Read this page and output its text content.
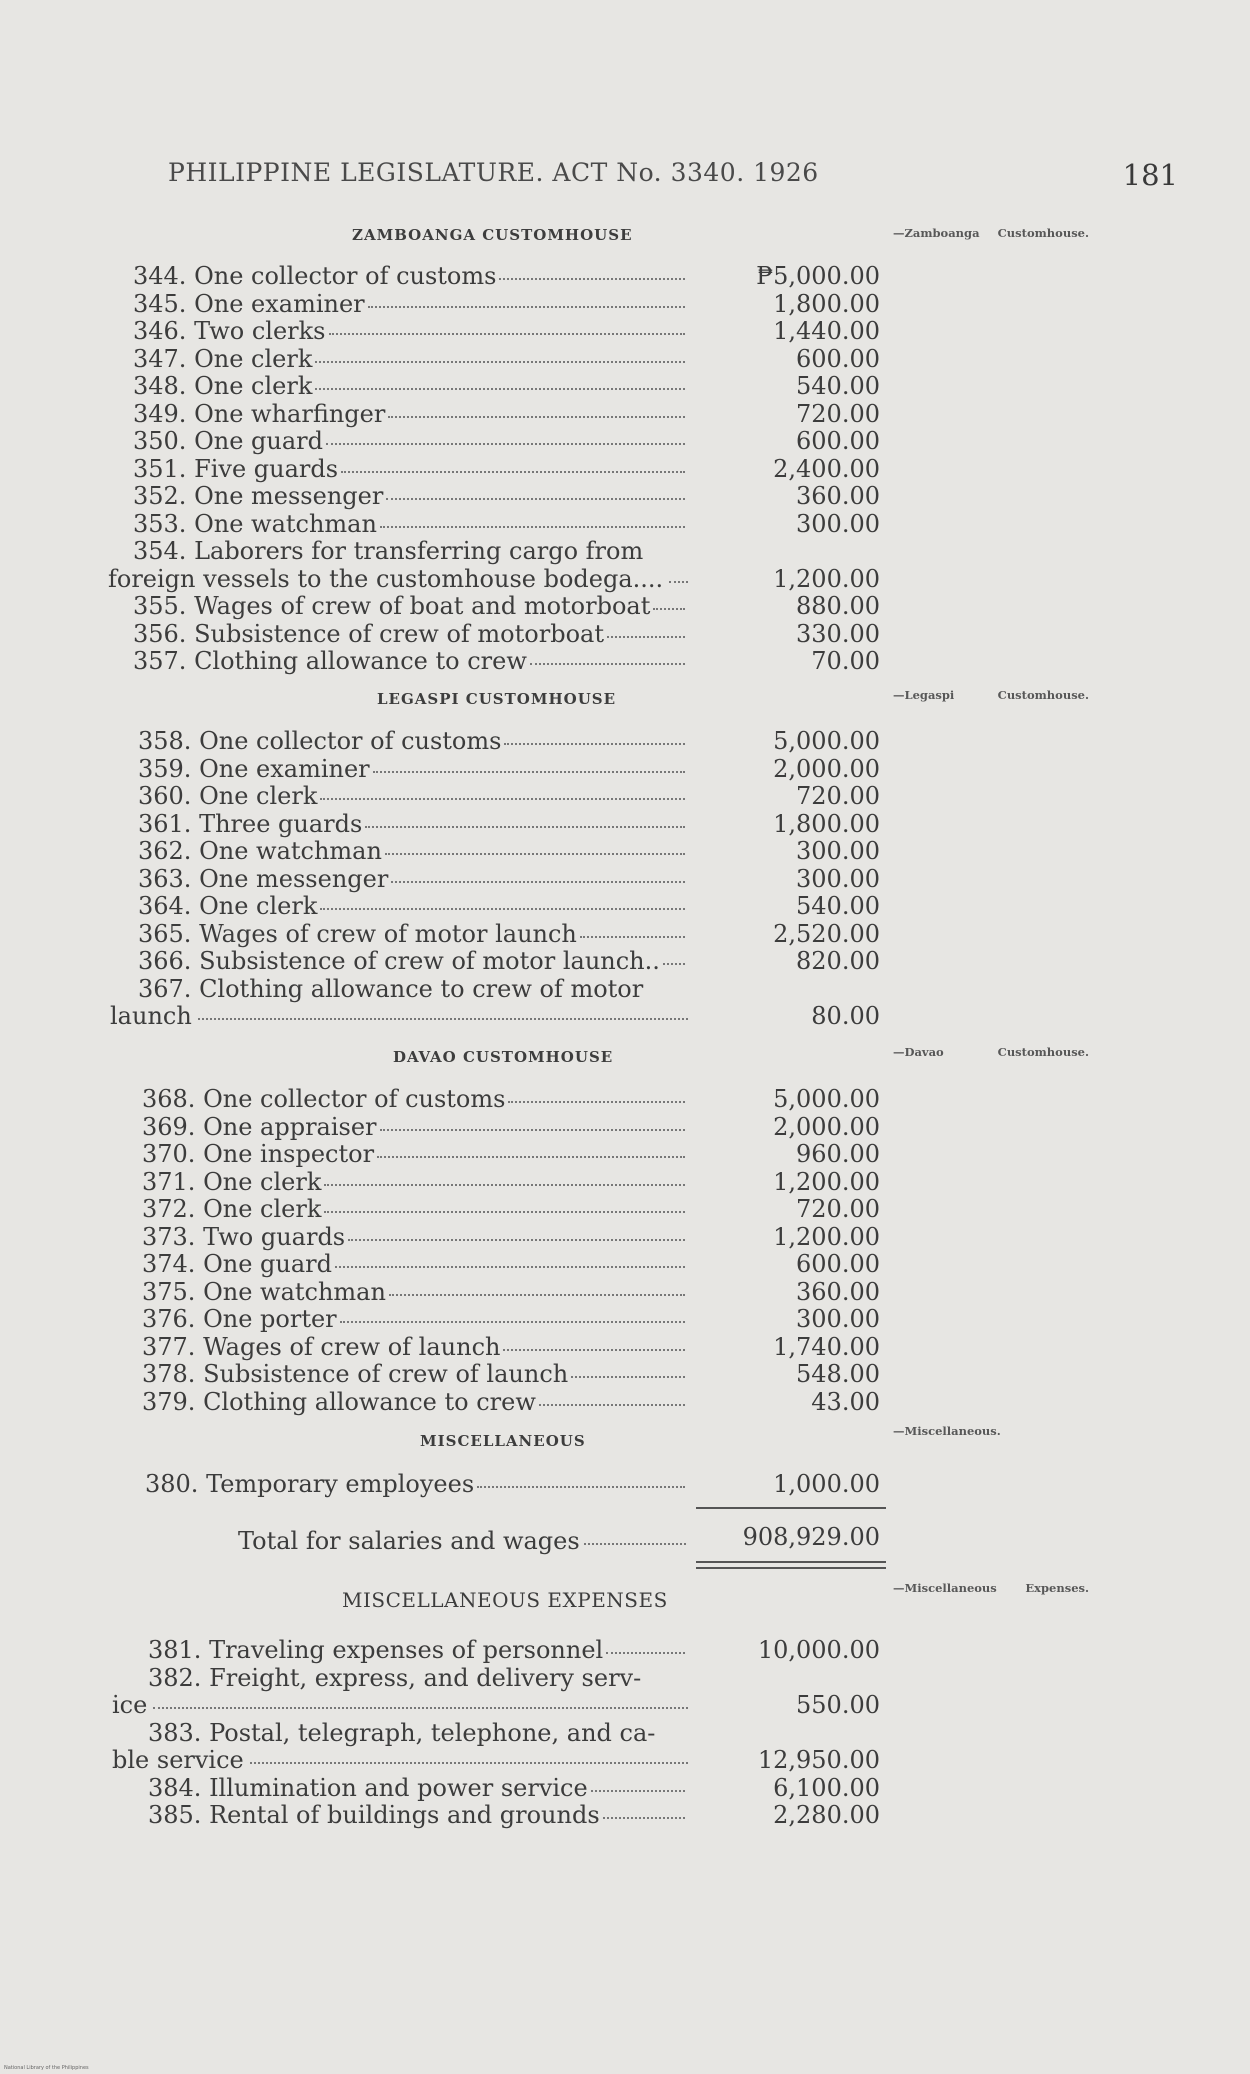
PHILIPPINE LEGISLATURE. ACT No. 3340. 1926	181
ZAMBOANGA CUSTOMHOUSE	—Zamboanga Customhouse.
344. One collector of customs	₱5,000.00
345. One examiner	1,800.00
346. Two clerks	1,440.00
347. One clerk	600.00
348. One clerk	540.00
349. One wharfinger	720.00
350. One guard	600.00
351. Five guards	2,400.00
352. One messenger	360.00
353. One watchman	300.00
354. Laborers for transferring cargo from
foreign vessels to the customhouse bodega....	1,200.00
355. Wages of crew of boat and motorboat	880.00
356. Subsistence of crew of motorboat	330.00
357. Clothing allowance to crew	70.00
LEGASPI CUSTOMHOUSE	—Legaspi Customhouse.
358. One collector of customs	5,000.00
359. One examiner	2,000.00
360. One clerk	720.00
361. Three guards	1,800.00
362. One watchman	300.00
363. One messenger	300.00
364. One clerk	540.00
365. Wages of crew of motor launch	2,520.00
366. Subsistence of crew of motor launch..	820.00
367. Clothing allowance to crew of motor
launch	80.00
DAVAO CUSTOMHOUSE	—Davao Customhouse.
368. One collector of customs	5,000.00
369. One appraiser	2,000.00
370. One inspector	960.00
371. One clerk	1,200.00
372. One clerk	720.00
373. Two guards	1,200.00
374. One guard	600.00
375. One watchman	360.00
376. One porter	300.00
377. Wages of crew of launch	1,740.00
378. Subsistence of crew of launch	548.00
379. Clothing allowance to crew	43.00
MISCELLANEOUS
—Miscellaneous.
380. Temporary employees	1,000.00
Total for salaries and wages	908,929.00
MISCELLANEOUS EXPENSES	—Miscellaneous Expenses.
381. Traveling expenses of personnel	10,000.00
382. Freight, express, and delivery serv-
ice	550.00
383. Postal, telegraph, telephone, and ca-
ble service	12,950.00
384. Illumination and power service	6,100.00
385. Rental of buildings and grounds	2,280.00
National Library of the Philippines
